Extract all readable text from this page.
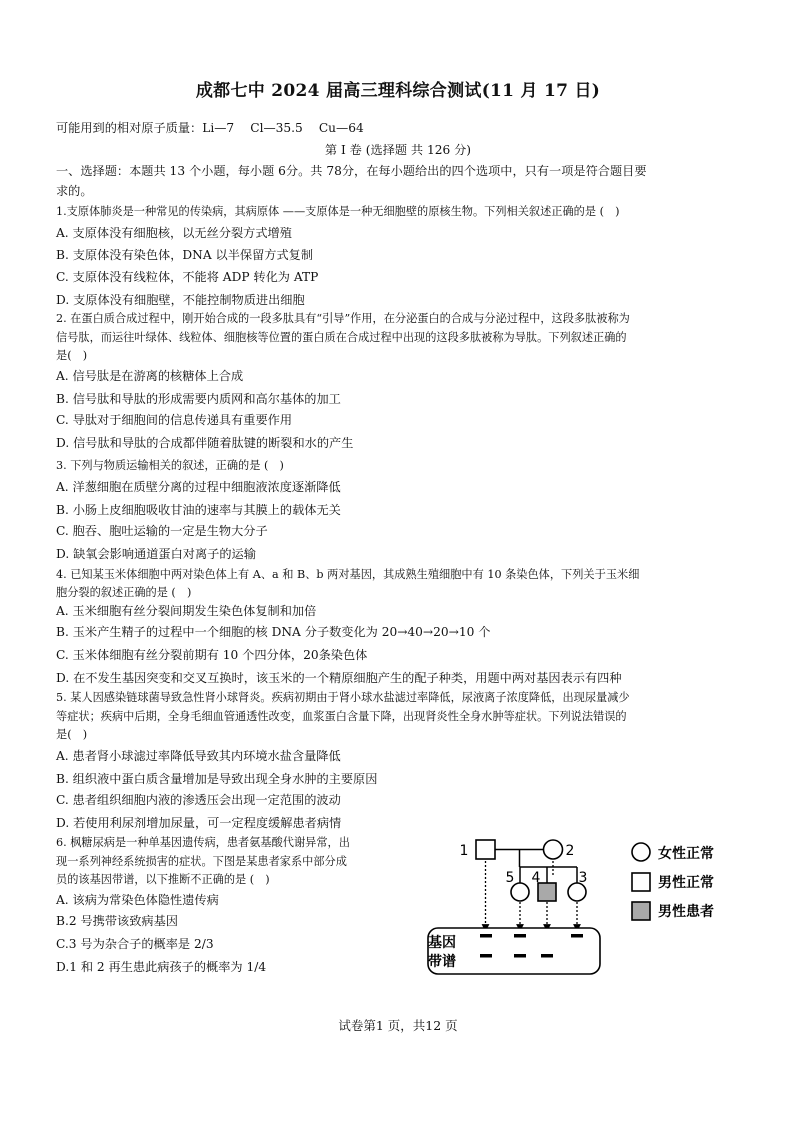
成都七中 2024 届高三理科综合测试(11 月 17 日)
可能用到的相对原子质量：Li—7　 Cl—35.5　 Cu—64
第 I 卷 (选择题 共 126 分)
一、选择题：本题共 13 个小题，每小题 6分。共 78分，在每小题给出的四个选项中，只有一项是符合题目要
求的。
1.支原体肺炎是一种常见的传染病，其病原体 ——支原体是一种无细胞壁的原核生物。下列相关叙述正确的是 (　)
A. 支原体没有细胞核，以无丝分裂方式增殖
B. 支原体没有染色体，DNA 以半保留方式复制
C. 支原体没有线粒体，不能将 ADP 转化为 ATP
D. 支原体没有细胞壁，不能控制物质进出细胞
2. 在蛋白质合成过程中，刚开始合成的一段多肽具有“引导”作用，在分泌蛋白的合成与分泌过程中，这段多肽被称为
信号肽，而运往叶绿体、线粒体、细胞核等位置的蛋白质在合成过程中出现的这段多肽被称为导肽。下列叙述正确的
是(　)
A. 信号肽是在游离的核糖体上合成
B. 信号肽和导肽的形成需要内质网和高尔基体的加工
C. 导肽对于细胞间的信息传递具有重要作用
D. 信号肽和导肽的合成都伴随着肽键的断裂和水的产生
3. 下列与物质运输相关的叙述，正确的是 (　)
A. 洋葱细胞在质壁分离的过程中细胞液浓度逐渐降低
B. 小肠上皮细胞吸收甘油的速率与其膜上的载体无关
C. 胞吞、胞吐运输的一定是生物大分子
D. 缺氧会影响通道蛋白对离子的运输
4. 已知某玉米体细胞中两对染色体上有 A、a 和 B、b 两对基因，其成熟生殖细胞中有 10 条染色体，下列关于玉米细
胞分裂的叙述正确的是 (　)
A. 玉米细胞有丝分裂间期发生染色体复制和加倍
B. 玉米产生精子的过程中一个细胞的核 DNA 分子数变化为 20→40→20→10 个
C. 玉米体细胞有丝分裂前期有 10 个四分体，20条染色体
D. 在不发生基因突变和交叉互换时，该玉米的一个精原细胞产生的配子种类，用题中两对基因表示有四种
5. 某人因感染链球菌导致急性肾小球肾炎。疾病初期由于肾小球水盐滤过率降低，尿液离子浓度降低，出现尿量减少
等症状；疾病中后期，全身毛细血管通透性改变，血浆蛋白含量下降，出现肾炎性全身水肿等症状。下列说法错误的
是(　)
A. 患者肾小球滤过率降低导致其内环境水盐含量降低
B. 组织液中蛋白质含量增加是导致出现全身水肿的主要原因
C. 患者组织细胞内液的渗透压会出现一定范围的波动
D. 若使用利尿剂增加尿量，可一定程度缓解患者病情
6. 枫糖尿病是一种单基因遗传病，患者氨基酸代谢异常，出
现一系列神经系统损害的症状。下图是某患者家系中部分成
员的该基因带谱，以下推断不正确的是 (　)
A. 该病为常染色体隐性遗传病
B.2 号携带该致病基因
C.3 号为杂合子的概率是 2/3
D.1 和 2 再生患此病孩子的概率为 1/4
试卷第1 页，共12 页
1	2
5 4	3
基因
带谱
女性正常
男性正常
男性患者
